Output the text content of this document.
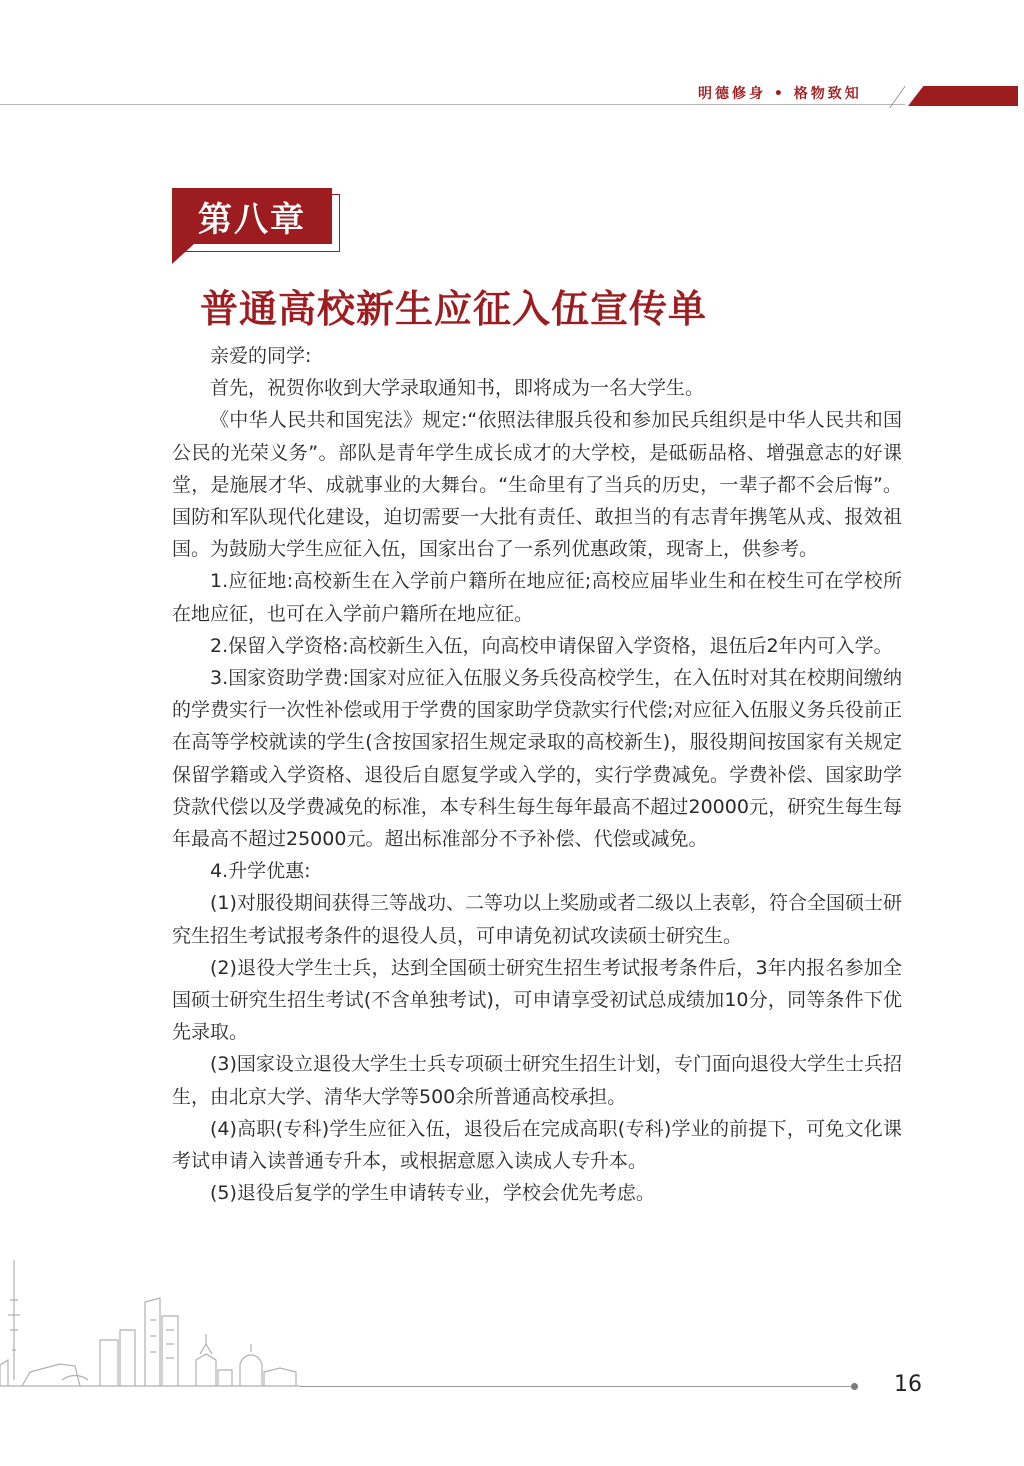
明德修身 • 格物致知
第八章
普通高校新生应征入伍宣传单

亲爱的同学:

首先，祝贺你收到大学录取通知书，即将成为一名大学生。

《中华人民共和国宪法》规定:“依照法律服兵役和参加民兵组织是中华人民共和国公民的光荣义务”。部队是青年学生成长成才的大学校，是砥砺品格、增强意志的好课堂，是施展才华、成就事业的大舞台。“生命里有了当兵的历史，一辈子都不会后悔”。国防和军队现代化建设，迫切需要一大批有责任、敢担当的有志青年携笔从戎、报效祖国。为鼓励大学生应征入伍，国家出台了一系列优惠政策，现寄上，供参考。

1.应征地:高校新生在入学前户籍所在地应征;高校应届毕业生和在校生可在学校所在地应征，也可在入学前户籍所在地应征。

2.保留入学资格:高校新生入伍，向高校申请保留入学资格，退伍后2年内可入学。

3.国家资助学费:国家对应征入伍服义务兵役高校学生，在入伍时对其在校期间缴纳的学费实行一次性补偿或用于学费的国家助学贷款实行代偿;对应征入伍服义务兵役前正在高等学校就读的学生(含按国家招生规定录取的高校新生)，服役期间按国家有关规定保留学籍或入学资格、退役后自愿复学或入学的，实行学费减免。学费补偿、国家助学贷款代偿以及学费减免的标准，本专科生每生每年最高不超过20000元，研究生每生每年最高不超过25000元。超出标准部分不予补偿、代偿或减免。

4.升学优惠:

(1)对服役期间获得三等战功、二等功以上奖励或者二级以上表彰，符合全国硕士研究生招生考试报考条件的退役人员，可申请免初试攻读硕士研究生。

(2)退役大学生士兵，达到全国硕士研究生招生考试报考条件后，3年内报名参加全国硕士研究生招生考试(不含单独考试)，可申请享受初试总成绩加10分，同等条件下优先录取。

(3)国家设立退役大学生士兵专项硕士研究生招生计划，专门面向退役大学生士兵招生，由北京大学、清华大学等500余所普通高校承担。

(4)高职(专科)学生应征入伍，退役后在完成高职(专科)学业的前提下，可免文化课考试申请入读普通专升本，或根据意愿入读成人专升本。

(5)退役后复学的学生申请转专业，学校会优先考虑。

16
